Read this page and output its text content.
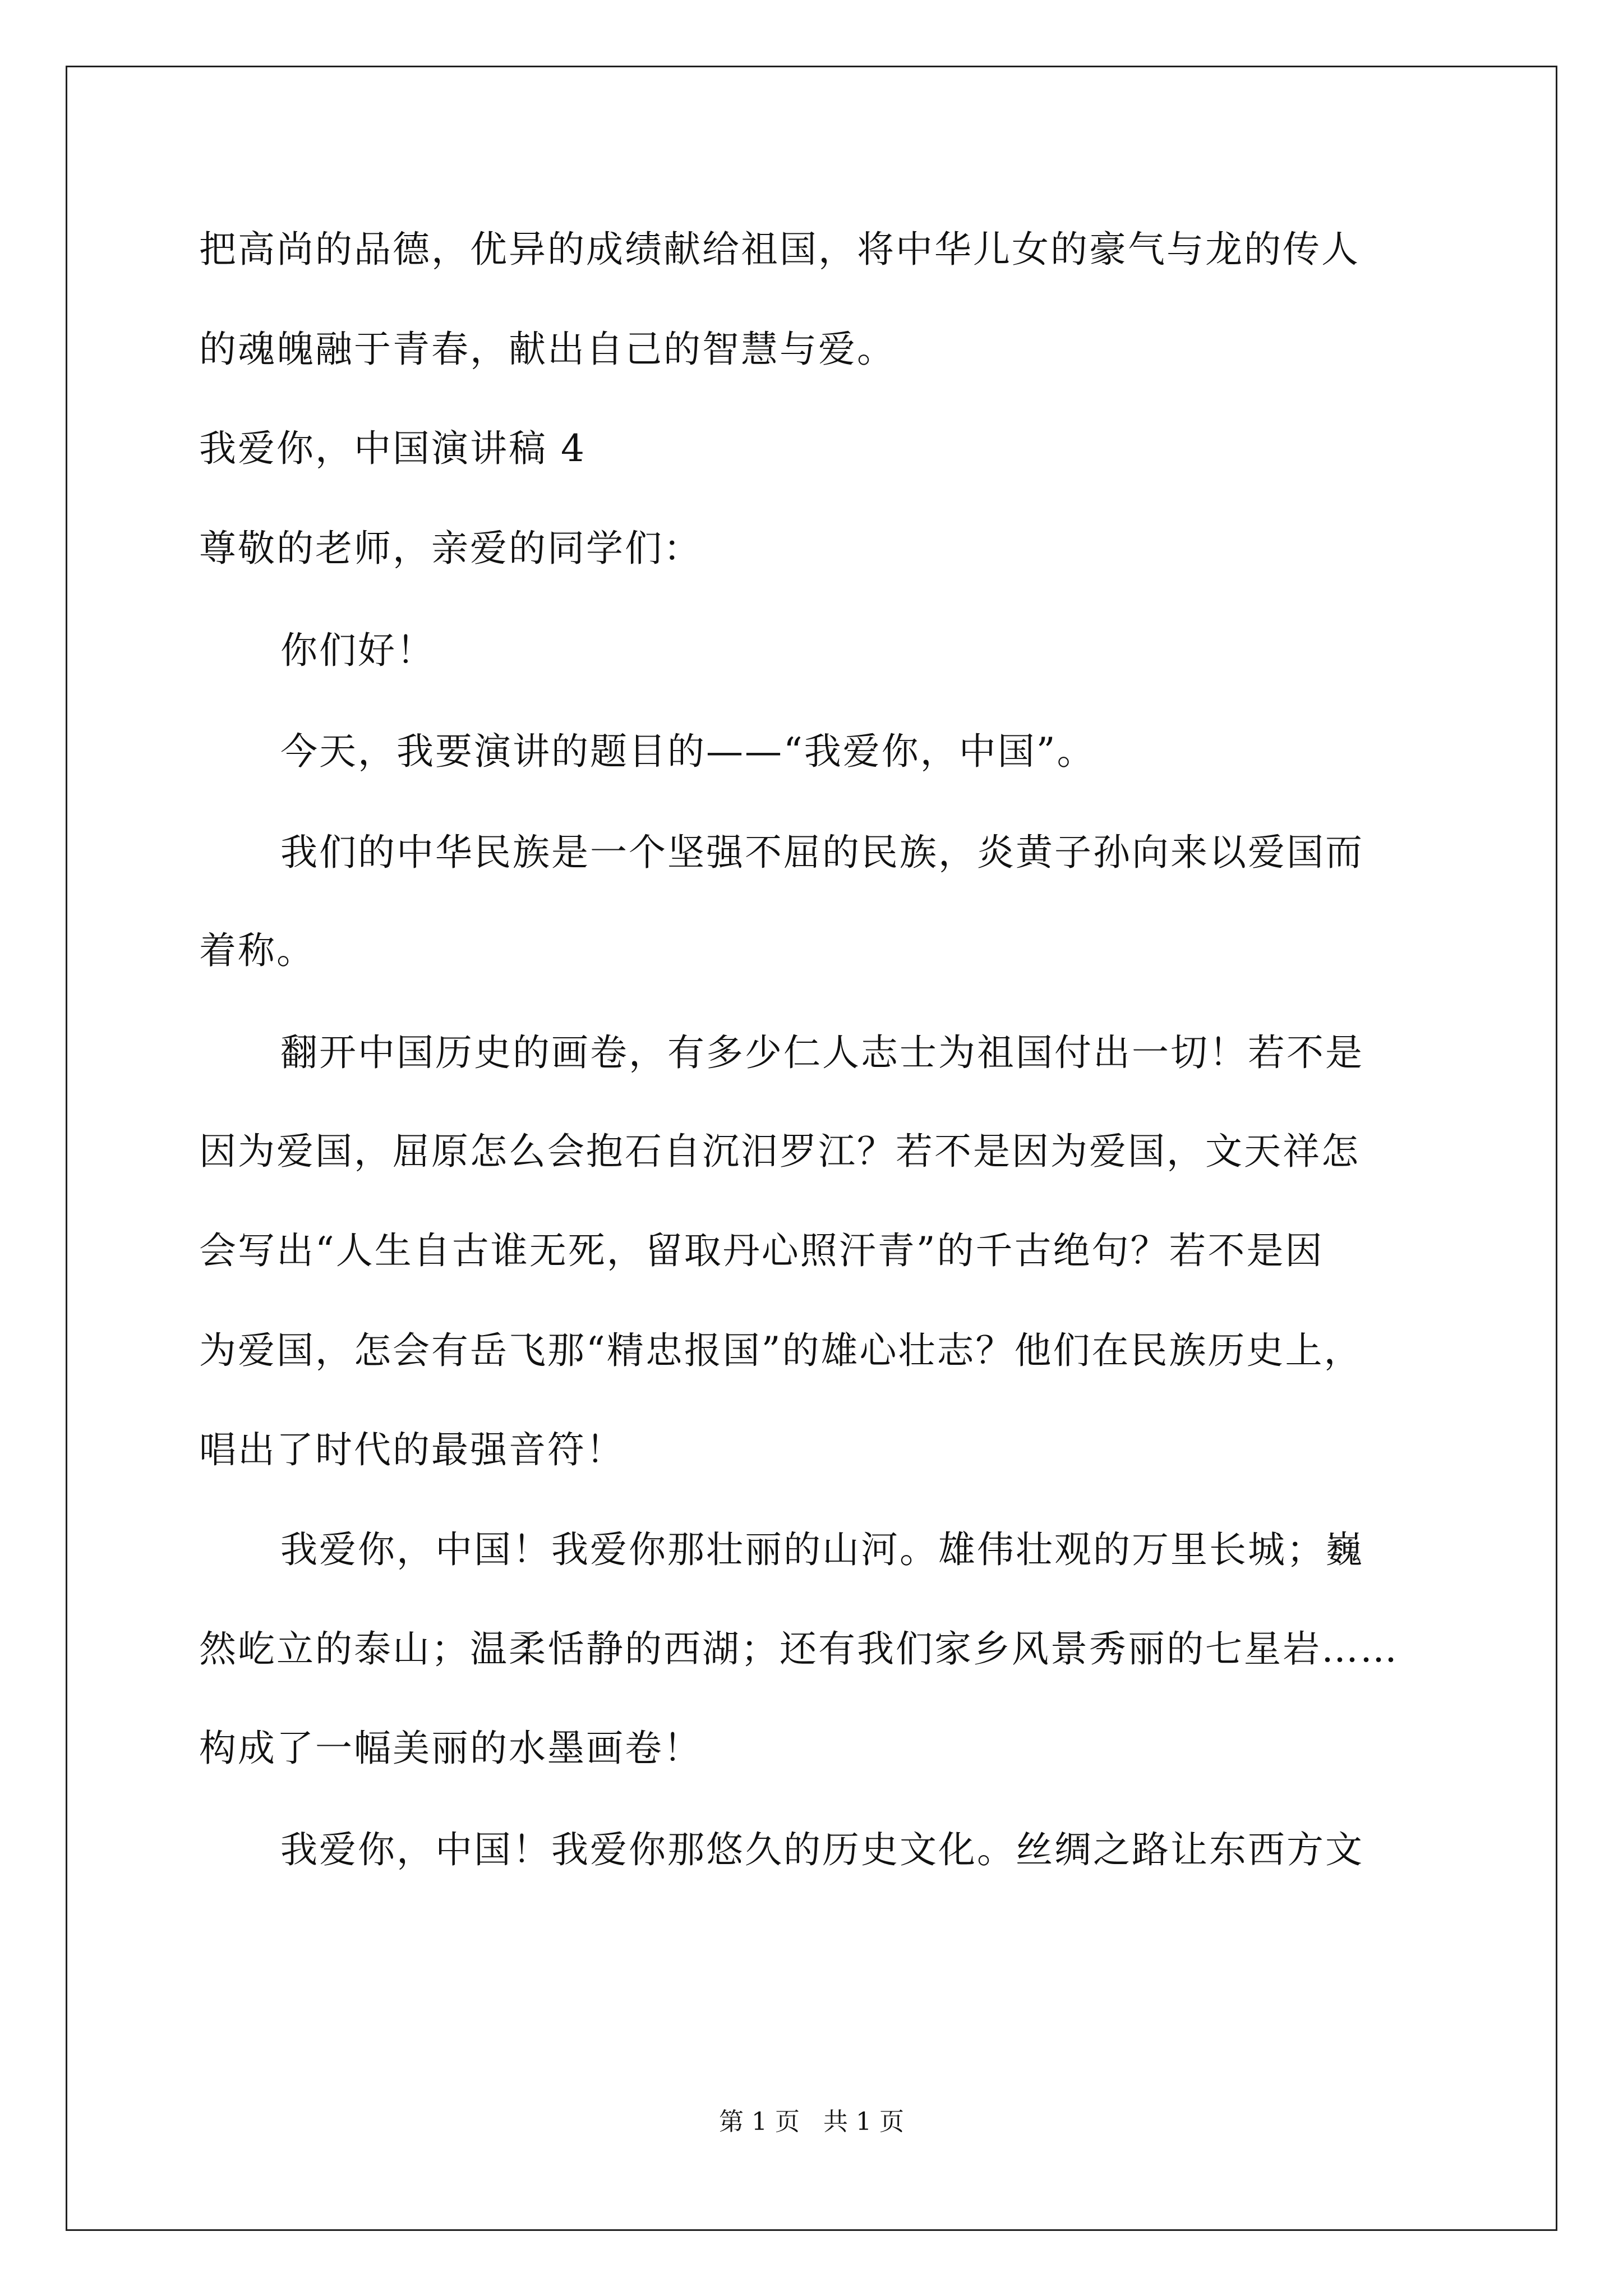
把高尚的品德，优异的成绩献给祖国，将中华儿女的豪气与龙的传人
的魂魄融于青春，献出自己的智慧与爱。
我爱你，中国演讲稿 4
尊敬的老师，亲爱的同学们：
你们好！
今天，我要演讲的题目的——“我爱你，中国”。
我们的中华民族是一个坚强不屈的民族，炎黄子孙向来以爱国而
着称。
翻开中国历史的画卷，有多少仁人志士为祖国付出一切！若不是
因为爱国，屈原怎么会抱石自沉汨罗江？若不是因为爱国，文天祥怎
会写出“人生自古谁无死，留取丹心照汗青”的千古绝句？若不是因
为爱国，怎会有岳飞那“精忠报国”的雄心壮志？他们在民族历史上，
唱出了时代的最强音符！
我爱你，中国！我爱你那壮丽的山河。雄伟壮观的万里长城；巍
然屹立的泰山；温柔恬静的西湖；还有我们家乡风景秀丽的七星岩……
构成了一幅美丽的水墨画卷！
我爱你，中国！我爱你那悠久的历史文化。丝绸之路让东西方文
第 1 页   共 1 页
